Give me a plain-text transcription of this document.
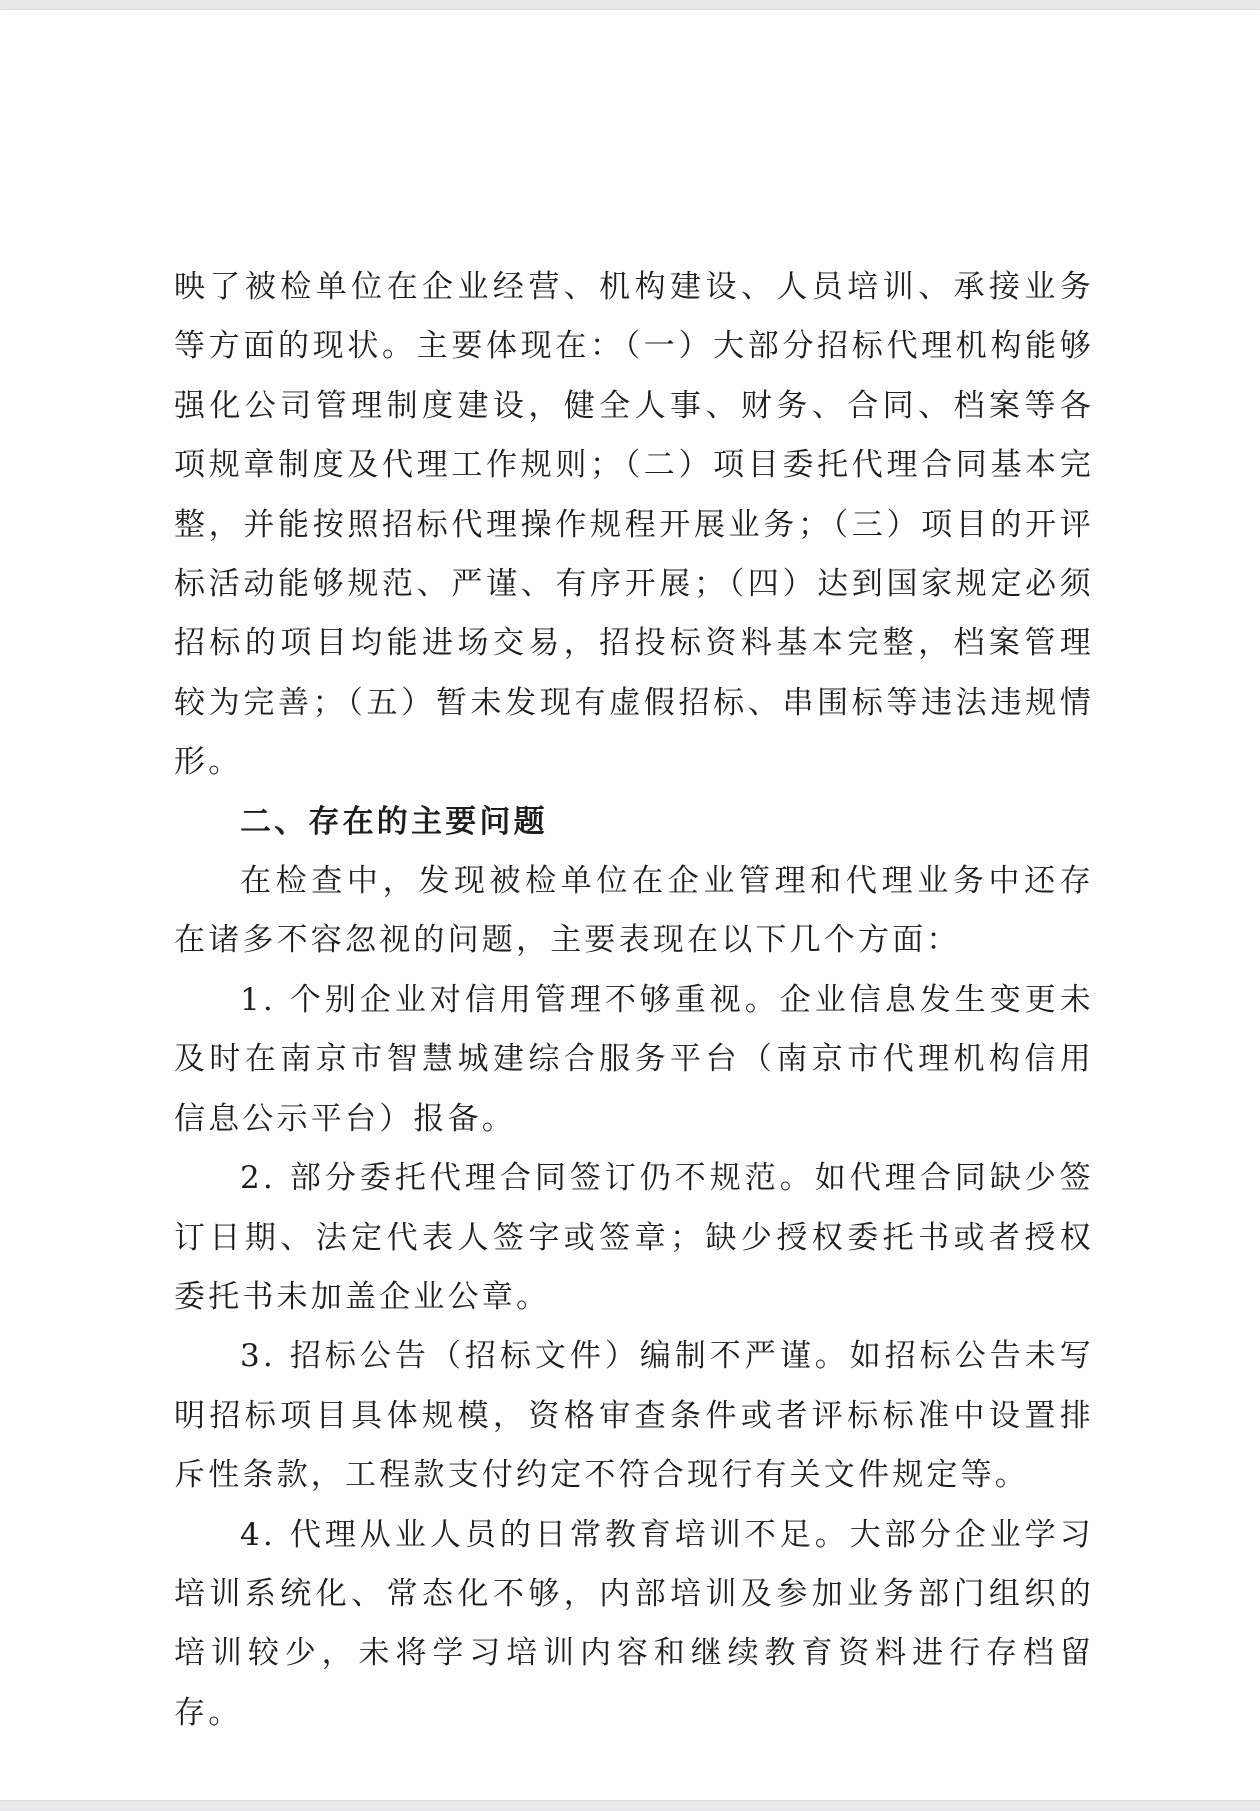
映了被检单位在企业经营、机构建设、人员培训、承接业务等方面的现状。主要体现在：（一）大部分招标代理机构能够强化公司管理制度建设，健全人事、财务、合同、档案等各项规章制度及代理工作规则；（二）项目委托代理合同基本完整，并能按照招标代理操作规程开展业务；（三）项目的开评标活动能够规范、严谨、有序开展；（四）达到国家规定必须招标的项目均能进场交易，招投标资料基本完整，档案管理较为完善；（五）暂未发现有虚假招标、串围标等违法违规情形。

二、存在的主要问题

在检查中，发现被检单位在企业管理和代理业务中还存在诸多不容忽视的问题，主要表现在以下几个方面：

1. 个别企业对信用管理不够重视。企业信息发生变更未及时在南京市智慧城建综合服务平台（南京市代理机构信用信息公示平台）报备。

2. 部分委托代理合同签订仍不规范。如代理合同缺少签订日期、法定代表人签字或签章；缺少授权委托书或者授权委托书未加盖企业公章。

3. 招标公告（招标文件）编制不严谨。如招标公告未写明招标项目具体规模，资格审查条件或者评标标准中设置排斥性条款，工程款支付约定不符合现行有关文件规定等。

4. 代理从业人员的日常教育培训不足。大部分企业学习培训系统化、常态化不够，内部培训及参加业务部门组织的培训较少，未将学习培训内容和继续教育资料进行存档留存。
